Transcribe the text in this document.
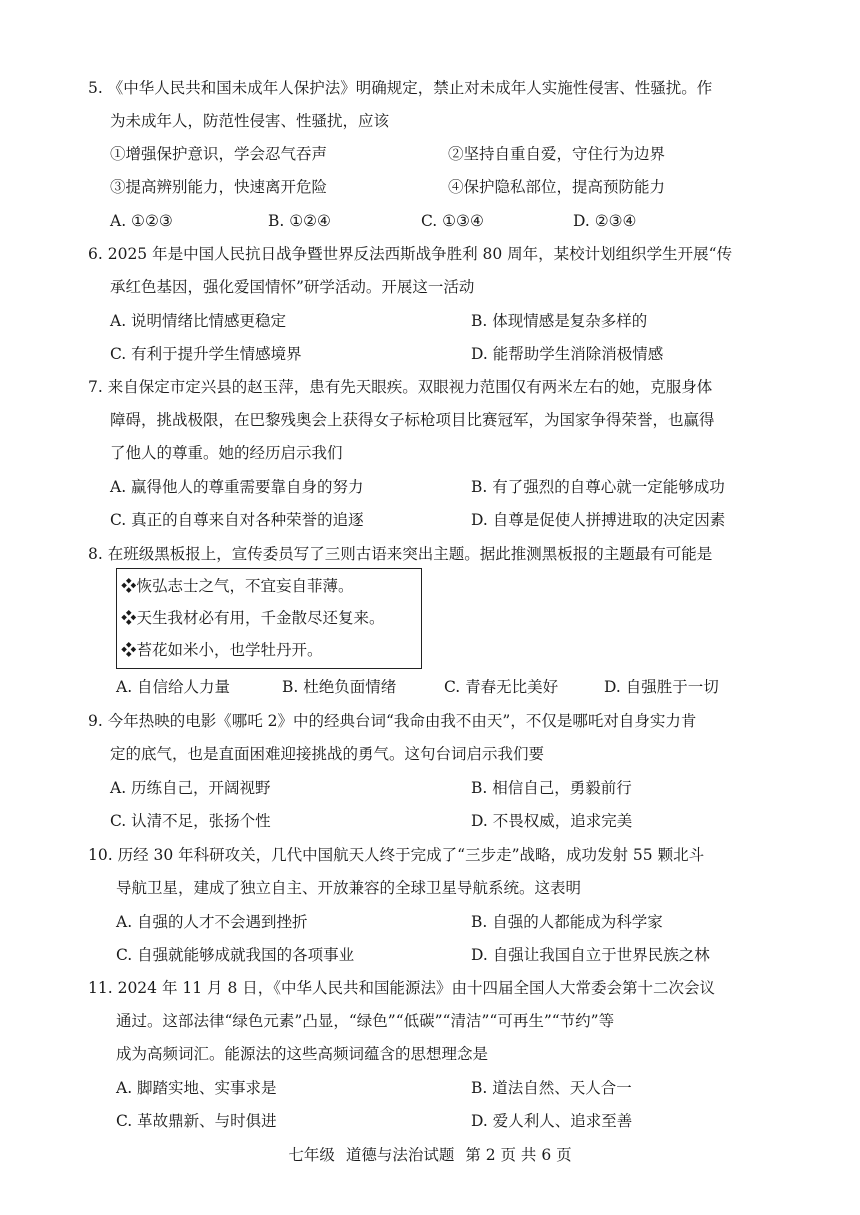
5. 《中华人民共和国未成年人保护法》明确规定，禁止对未成年人实施性侵害、性骚扰。作
为未成年人，防范性侵害、性骚扰，应该
①增强保护意识，学会忍气吞声	②坚持自重自爱，守住行为边界
③提高辨别能力，快速离开危险	④保护隐私部位，提高预防能力
A. ①②③	B. ①②④	C. ①③④	D. ②③④
6. 2025 年是中国人民抗日战争暨世界反法西斯战争胜利 80 周年，某校计划组织学生开展“传
承红色基因，强化爱国情怀”研学活动。开展这一活动
A. 说明情绪比情感更稳定	B. 体现情感是复杂多样的
C. 有利于提升学生情感境界	D. 能帮助学生消除消极情感
7. 来自保定市定兴县的赵玉萍，患有先天眼疾。双眼视力范围仅有两米左右的她，克服身体
障碍，挑战极限，在巴黎残奥会上获得女子标枪项目比赛冠军，为国家争得荣誉，也赢得
了他人的尊重。她的经历启示我们
A. 赢得他人的尊重需要靠自身的努力	B. 有了强烈的自尊心就一定能够成功
C. 真正的自尊来自对各种荣誉的追逐	D. 自尊是促使人拼搏进取的决定因素
8. 在班级黑板报上，宣传委员写了三则古语来突出主题。据此推测黑板报的主题最有可能是
❖恢弘志士之气，不宜妄自菲薄。
❖天生我材必有用，千金散尽还复来。
❖苔花如米小，也学牡丹开。
A. 自信给人力量	B. 杜绝负面情绪	C. 青春无比美好	D. 自强胜于一切
9. 今年热映的电影《哪吒 2》中的经典台词“我命由我不由天”，不仅是哪吒对自身实力肯
定的底气，也是直面困难迎接挑战的勇气。这句台词启示我们要
A. 历练自己，开阔视野	B. 相信自己，勇毅前行
C. 认清不足，张扬个性	D. 不畏权威，追求完美
10. 历经 30 年科研攻关，几代中国航天人终于完成了“三步走”战略，成功发射 55 颗北斗
导航卫星，建成了独立自主、开放兼容的全球卫星导航系统。这表明
A. 自强的人才不会遇到挫折	B. 自强的人都能成为科学家
C. 自强就能够成就我国的各项事业	D. 自强让我国自立于世界民族之林
11. 2024 年 11 月 8 日，《中华人民共和国能源法》由十四届全国人大常委会第十二次会议
通过。这部法律“绿色元素”凸显，“绿色”“低碳”“清洁”“可再生”“节约”等
成为高频词汇。能源法的这些高频词蕴含的思想理念是
A. 脚踏实地、实事求是	B. 道法自然、天人合一
C. 革故鼎新、与时俱进	D. 爱人利人、追求至善
七年级 道德与法治试题 第 2 页 共 6 页
